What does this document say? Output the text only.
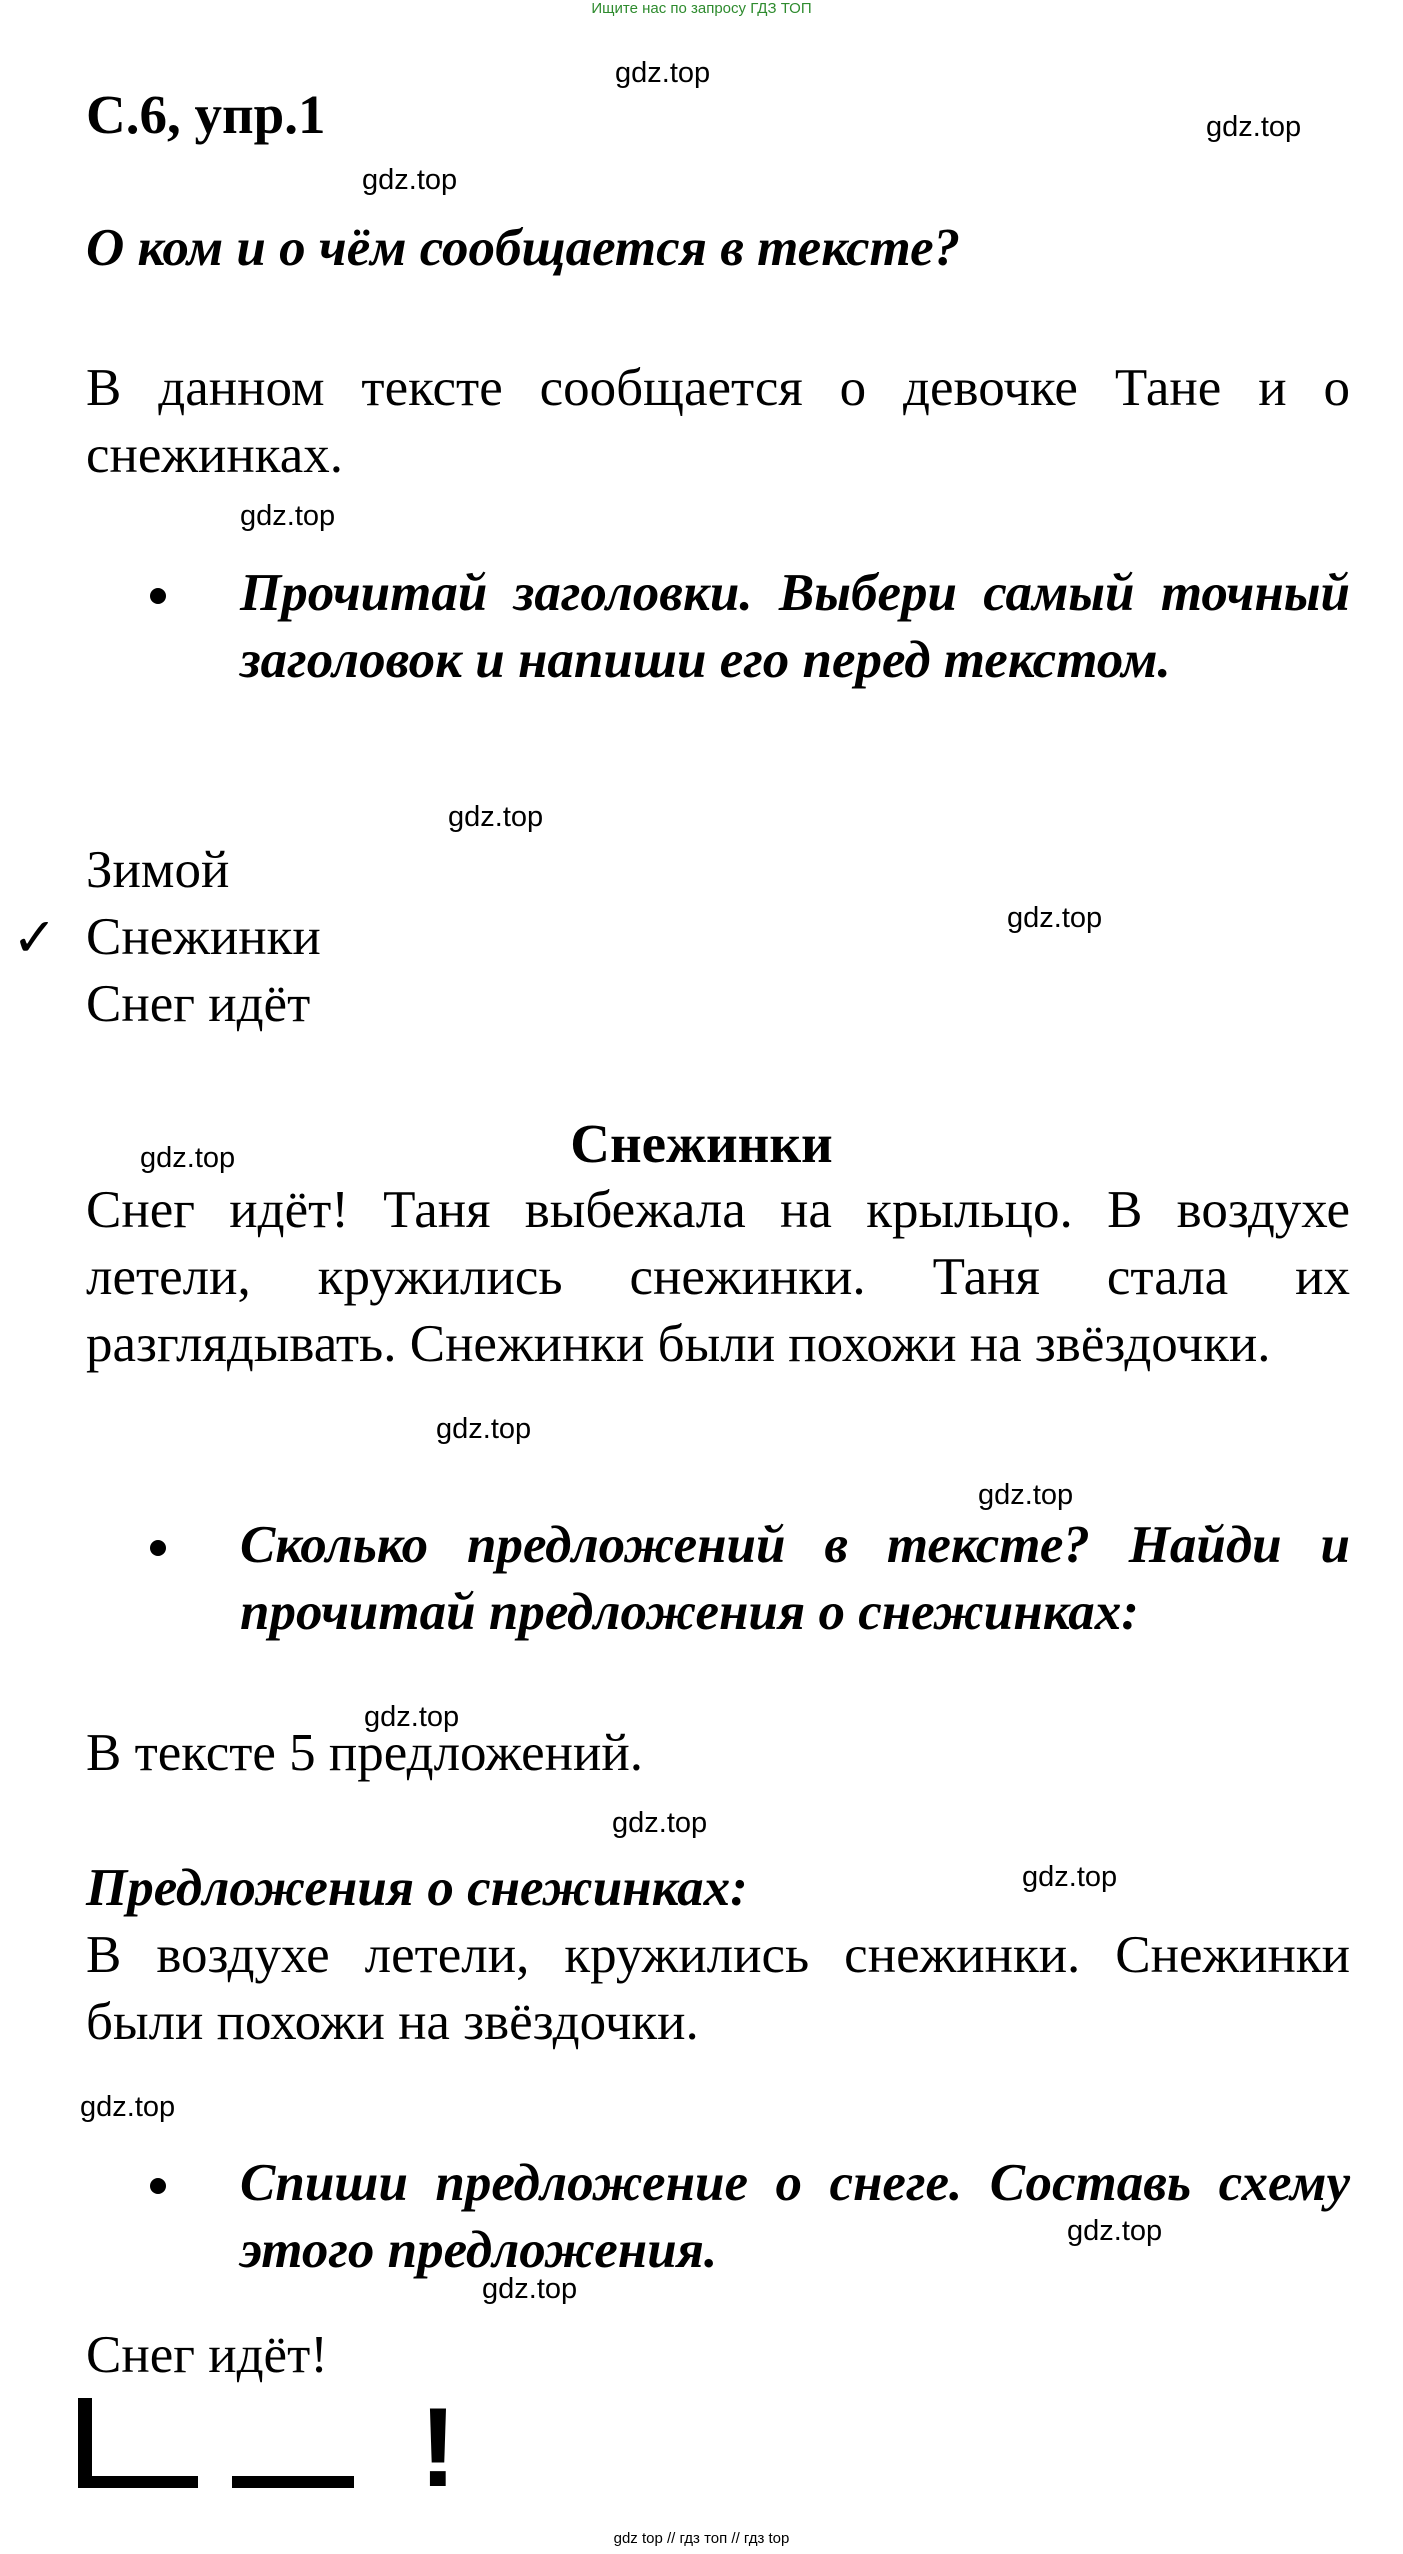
Ищите нас по запросу ГДЗ ТОП
gdz.top
gdz.top
gdz.top
gdz.top
gdz.top
gdz.top
gdz.top
gdz.top
gdz.top
gdz.top
gdz.top
gdz.top
gdz.top
gdz.top
gdz.top
С.6, упр.1
О ком и о чём сообщается в тексте?
В данном тексте сообщается о девочке Тане и о снежинках.
Прочитай заголовки. Выбери самый точный заголовок и напиши его перед текстом.
Зимой
✓ Снежинки
Снег идёт
Снежинки
Снег идёт! Таня выбежала на крыльцо. В воздухе летели, кружились снежинки. Таня стала их разглядывать. Снежинки были похожи на звёздочки.
Сколько предложений в тексте? Найди и прочитай предложения о снежинках:
В тексте 5 предложений.
Предложения о снежинках:
В воздухе летели, кружились снежинки. Снежинки были похожи на звёздочки.
Спиши предложение о снеге. Составь схему этого предложения.
Снег идёт!
!
gdz top // гдз топ // гдз top
